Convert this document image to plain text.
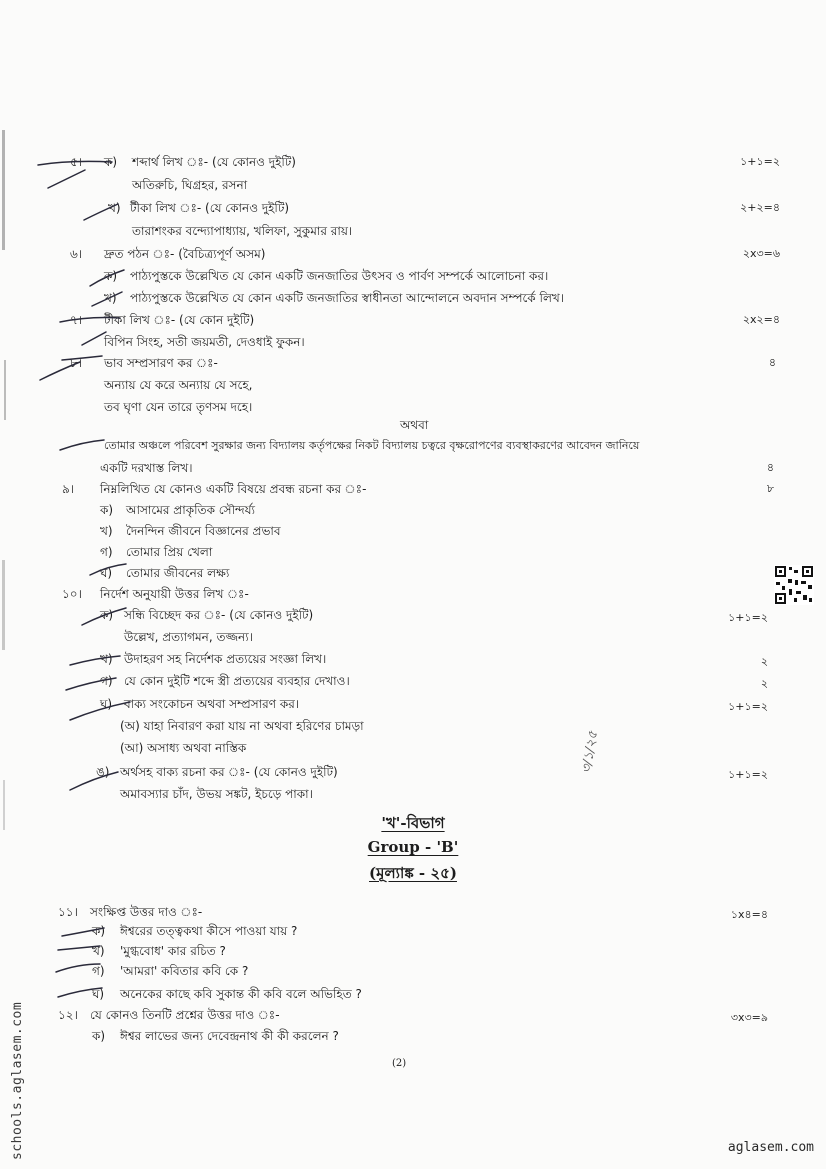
৫। ক) শব্দার্থ লিখ ঃ- (যে কোনও দুইটি)	১+১=২
অতিরুচি, ঘিগ্রহর, রসনা
খ) টীকা লিখ ঃ- (যে কোনও দুইটি)	২+২=৪
তারাশংকর বন্দ্যোপাধ্যায়, খলিফা, সুকুমার রায়।
৬। দ্রুত পঠন ঃ- (বৈচিত্র্যপূর্ণ অসম)	২x৩=৬
ক) পাঠ্যপুস্তকে উল্লেখিত যে কোন একটি জনজাতির উৎসব ও পার্বণ সম্পর্কে আলোচনা কর।
খ) পাঠ্যপুস্তকে উল্লেখিত যে কোন একটি জনজাতির স্বাধীনতা আন্দোলনে অবদান সম্পর্কে লিখ।
৭। টীকা লিখ ঃ- (যে কোন দুইটি)	২x২=৪
বিপিন সিংহ, সতী জয়মতী, দেওধাই ফুকন।
৮। ভাব সম্প্রসারণ কর ঃ-	৪
অন্যায় যে করে অন্যায় যে সহে,
তব ঘৃণা যেন তারে তৃণসম দহে।
অথবা
তোমার অঞ্চলে পরিবেশ সুরক্ষার জন্য বিদ্যালয় কর্তৃপক্ষের নিকট বিদ্যালয় চত্বরে বৃক্ষরোপণের ব্যবস্থাকরণের আবেদন জানিয়ে
একটি দরখাস্ত লিখ।	৪
৯। নিম্নলিখিত যে কোনও একটি বিষয়ে প্রবন্ধ রচনা কর ঃ-	৮
ক) আসামের প্রাকৃতিক সৌন্দর্য্য
খ) দৈনন্দিন জীবনে বিজ্ঞানের প্রভাব
গ) তোমার প্রিয় খেলা
ঘ) তোমার জীবনের লক্ষ্য
১০। নির্দেশ অনুযায়ী উত্তর লিখ ঃ-
ক) সন্ধি বিচ্ছেদ কর ঃ- (যে কোনও দুইটি)	১+১=২
উল্লেখ, প্রত্যাগমন, তজ্জন্য।
খ) উদাহরণ সহ নির্দেশক প্রত্যয়ের সংজ্ঞা লিখ।	২
গ) যে কোন দুইটি শব্দে স্ত্রী প্রত্যয়ের ব্যবহার দেখাও।	২
ঘ) বাক্য সংকোচন অথবা সম্প্রসারণ কর।	১+১=২
(অ) যাহা নিবারণ করা যায় না অথবা হরিণের চামড়া
(আ) অসাধ্য অথবা নাস্তিক
ঙ) অর্থসহ বাক্য রচনা কর ঃ- (যে কোনও দুইটি)	১+১=২
অমাবস্যার চাঁদ, উভয় সঙ্কট, ইচড়ে পাকা।
'খ'-বিভাগ
Group - 'B'
(মূল্যাঙ্ক - ২৫)
১১। সংক্ষিপ্ত উত্তর দাও ঃ-	১x৪=৪
ক) ঈশ্বরের তত্ত্বকথা কীসে পাওয়া যায় ?
খ) 'মুগ্ধবোধ' কার রচিত ?
গ) 'আমরা' কবিতার কবি কে ?
ঘ) অনেকের কাছে কবি সুকান্ত কী কবি বলে অভিহিত ?
১২। যে কোনও তিনটি প্রশ্নের উত্তর দাও ঃ-	৩x৩=৯
ক) ঈশ্বর লাভের জন্য দেবেন্দ্রনাথ কী কী করলেন ?
৩/১/২৫
(2)
schools.aglasem.com	aglasem.com
